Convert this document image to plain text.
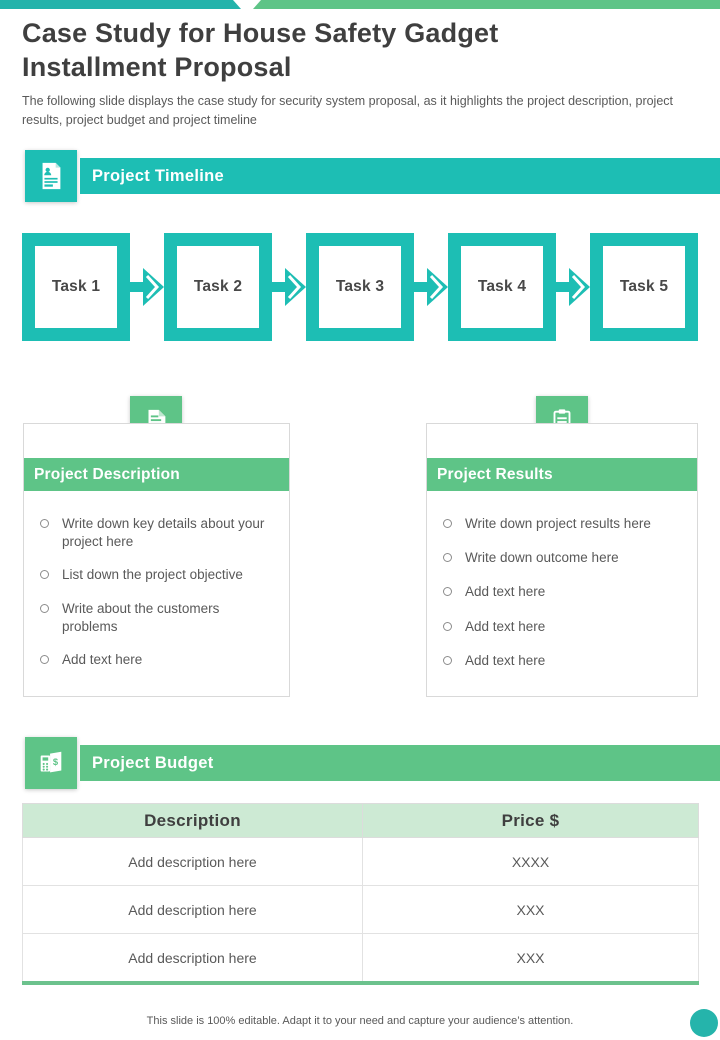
Case Study for House Safety Gadget
Installment Proposal

The following slide displays the case study for security system proposal, as it highlights the project description, project results, project budget and project timeline

Project Timeline
Task 1	Task 2	Task 3	Task 4	Task 5
Project Description
Write down key details about your project here
List down the project objective
Write about the customers problems
Add text here
Project Results
Write down project results here
Write down outcome here
Add text here
Add text here
Add text here
$ Project Budget
Description	Price $
Add description here	XXXX
Add description here	XXX
Add description here	XXX
This slide is 100% editable. Adapt it to your need and capture your audience’s attention.
